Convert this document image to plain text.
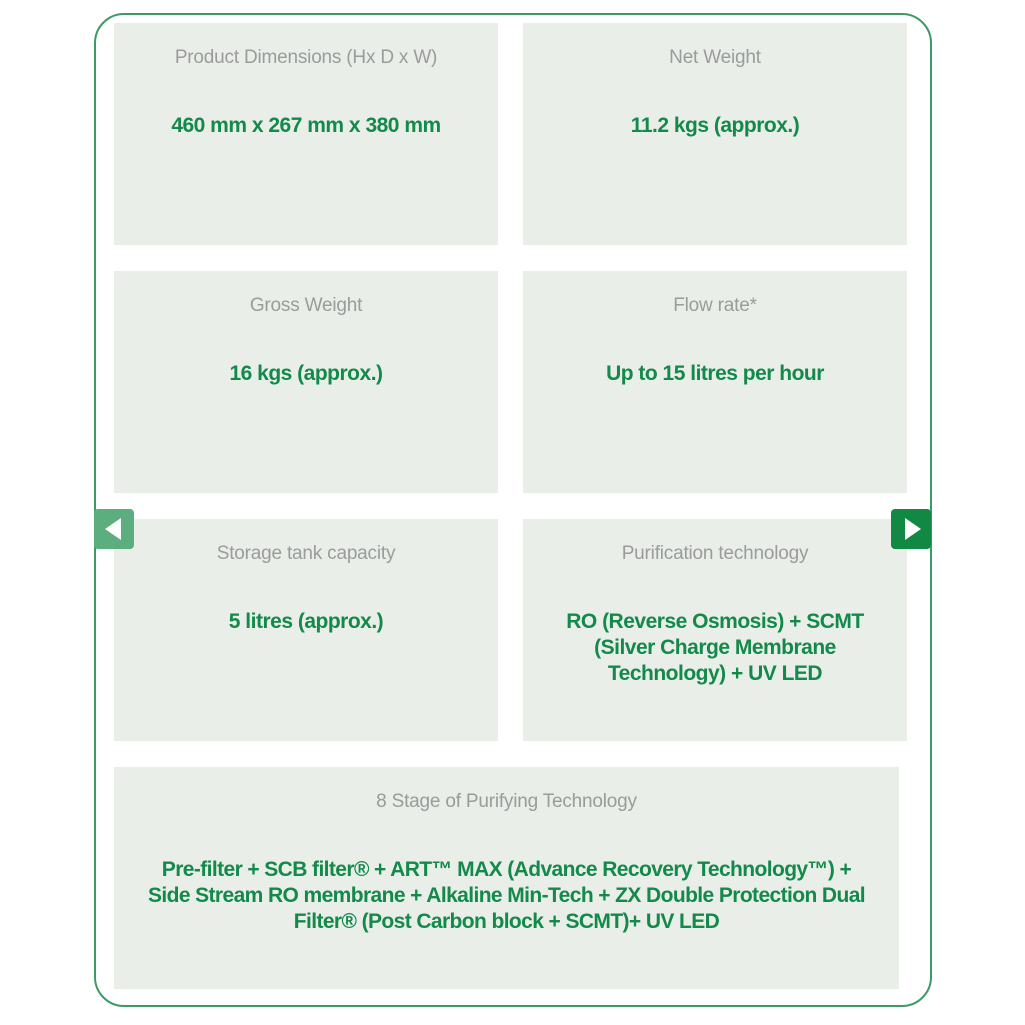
Product Dimensions (Hx D x W)
460 mm x 267 mm x 380 mm
Net Weight
11.2 kgs (approx.)
Gross Weight
16 kgs (approx.)
Flow rate*
Up to 15 litres per hour
Storage tank capacity
5 litres (approx.)
Purification technology
RO (Reverse Osmosis) + SCMT (Silver Charge Membrane Technology) + UV LED
8 Stage of Purifying Technology
Pre-filter + SCB filter® + ART™ MAX (Advance Recovery Technology™) + Side Stream RO membrane + Alkaline Min-Tech + ZX Double Protection Dual Filter® (Post Carbon block + SCMT)+ UV LED
